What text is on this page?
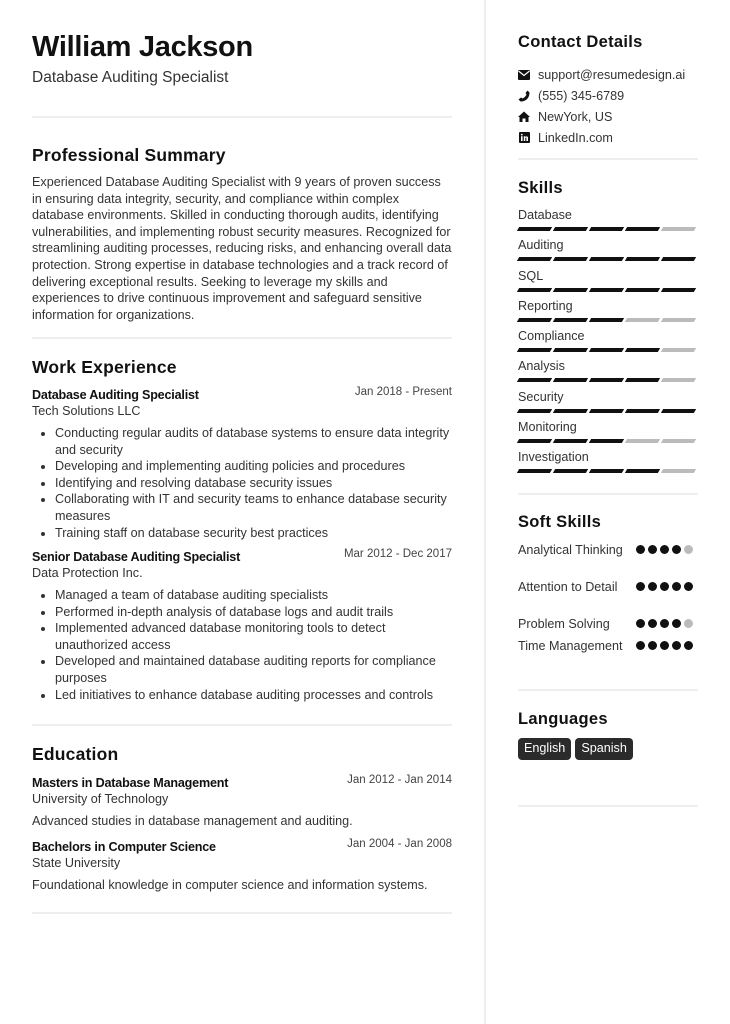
William Jackson
Database Auditing Specialist
Professional Summary
Experienced Database Auditing Specialist with 9 years of proven success in ensuring data integrity, security, and compliance within complex database environments. Skilled in conducting thorough audits, identifying vulnerabilities, and implementing robust security measures. Recognized for streamlining auditing processes, reducing risks, and enhancing overall data protection. Strong expertise in database technologies and a track record of delivering exceptional results. Seeking to leverage my skills and experiences to drive continuous improvement and safeguard sensitive information for organizations.
Work Experience
Database Auditing Specialist	Jan 2018 - Present
Tech Solutions LLC
Conducting regular audits of database systems to ensure data integrity and security
Developing and implementing auditing policies and procedures
Identifying and resolving database security issues
Collaborating with IT and security teams to enhance database security measures
Training staff on database security best practices
Senior Database Auditing Specialist	Mar 2012 - Dec 2017
Data Protection Inc.
Managed a team of database auditing specialists
Performed in-depth analysis of database logs and audit trails
Implemented advanced database monitoring tools to detect unauthorized access
Developed and maintained database auditing reports for compliance purposes
Led initiatives to enhance database auditing processes and controls
Education
Masters in Database Management	Jan 2012 - Jan 2014
University of Technology
Advanced studies in database management and auditing.
Bachelors in Computer Science	Jan 2004 - Jan 2008
State University
Foundational knowledge in computer science and information systems.
Contact Details
support@resumedesign.ai
(555) 345-6789
NewYork, US
LinkedIn.com
Skills
Database
Auditing
SQL
Reporting
Compliance
Analysis
Security
Monitoring
Investigation
Soft Skills
Analytical Thinking
Attention to Detail
Problem Solving
Time Management
Languages
English	Spanish
